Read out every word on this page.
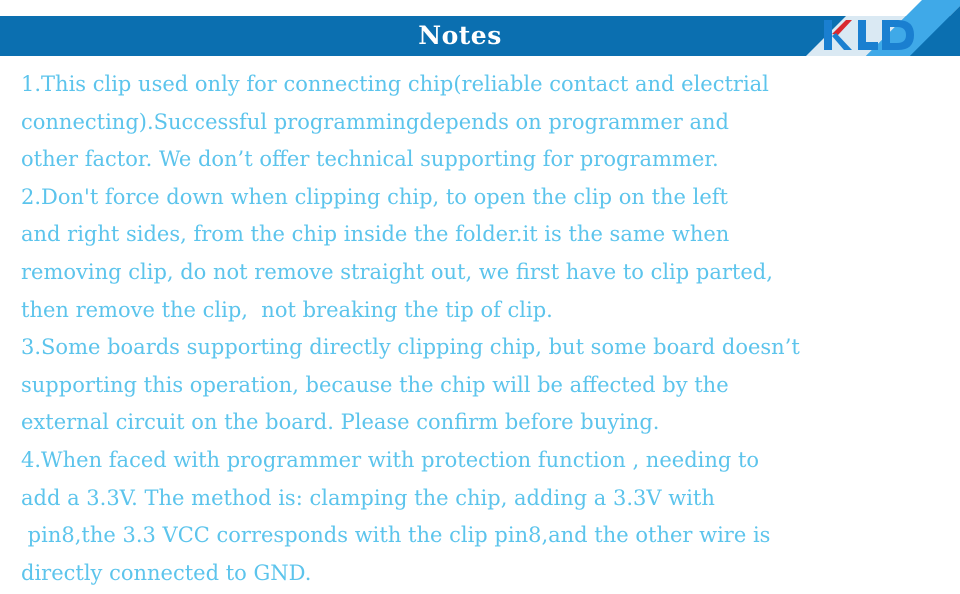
Notes
1.This clip used only for connecting chip(reliable contact and electrial
connecting).Successful programmingdepends on programmer and
other factor. We don’t offer technical supporting for programmer.
2.Don't force down when clipping chip, to open the clip on the left
and right sides, from the chip inside the folder.it is the same when
removing clip, do not remove straight out, we first have to clip parted,
then remove the clip,  not breaking the tip of clip.
3.Some boards supporting directly clipping chip, but some board doesn’t
supporting this operation, because the chip will be affected by the
external circuit on the board. Please confirm before buying.
4.When faced with programmer with protection function , needing to
add a 3.3V. The method is: clamping the chip, adding a 3.3V with
pin8,the 3.3 VCC corresponds with the clip pin8,and the other wire is
directly connected to GND.
